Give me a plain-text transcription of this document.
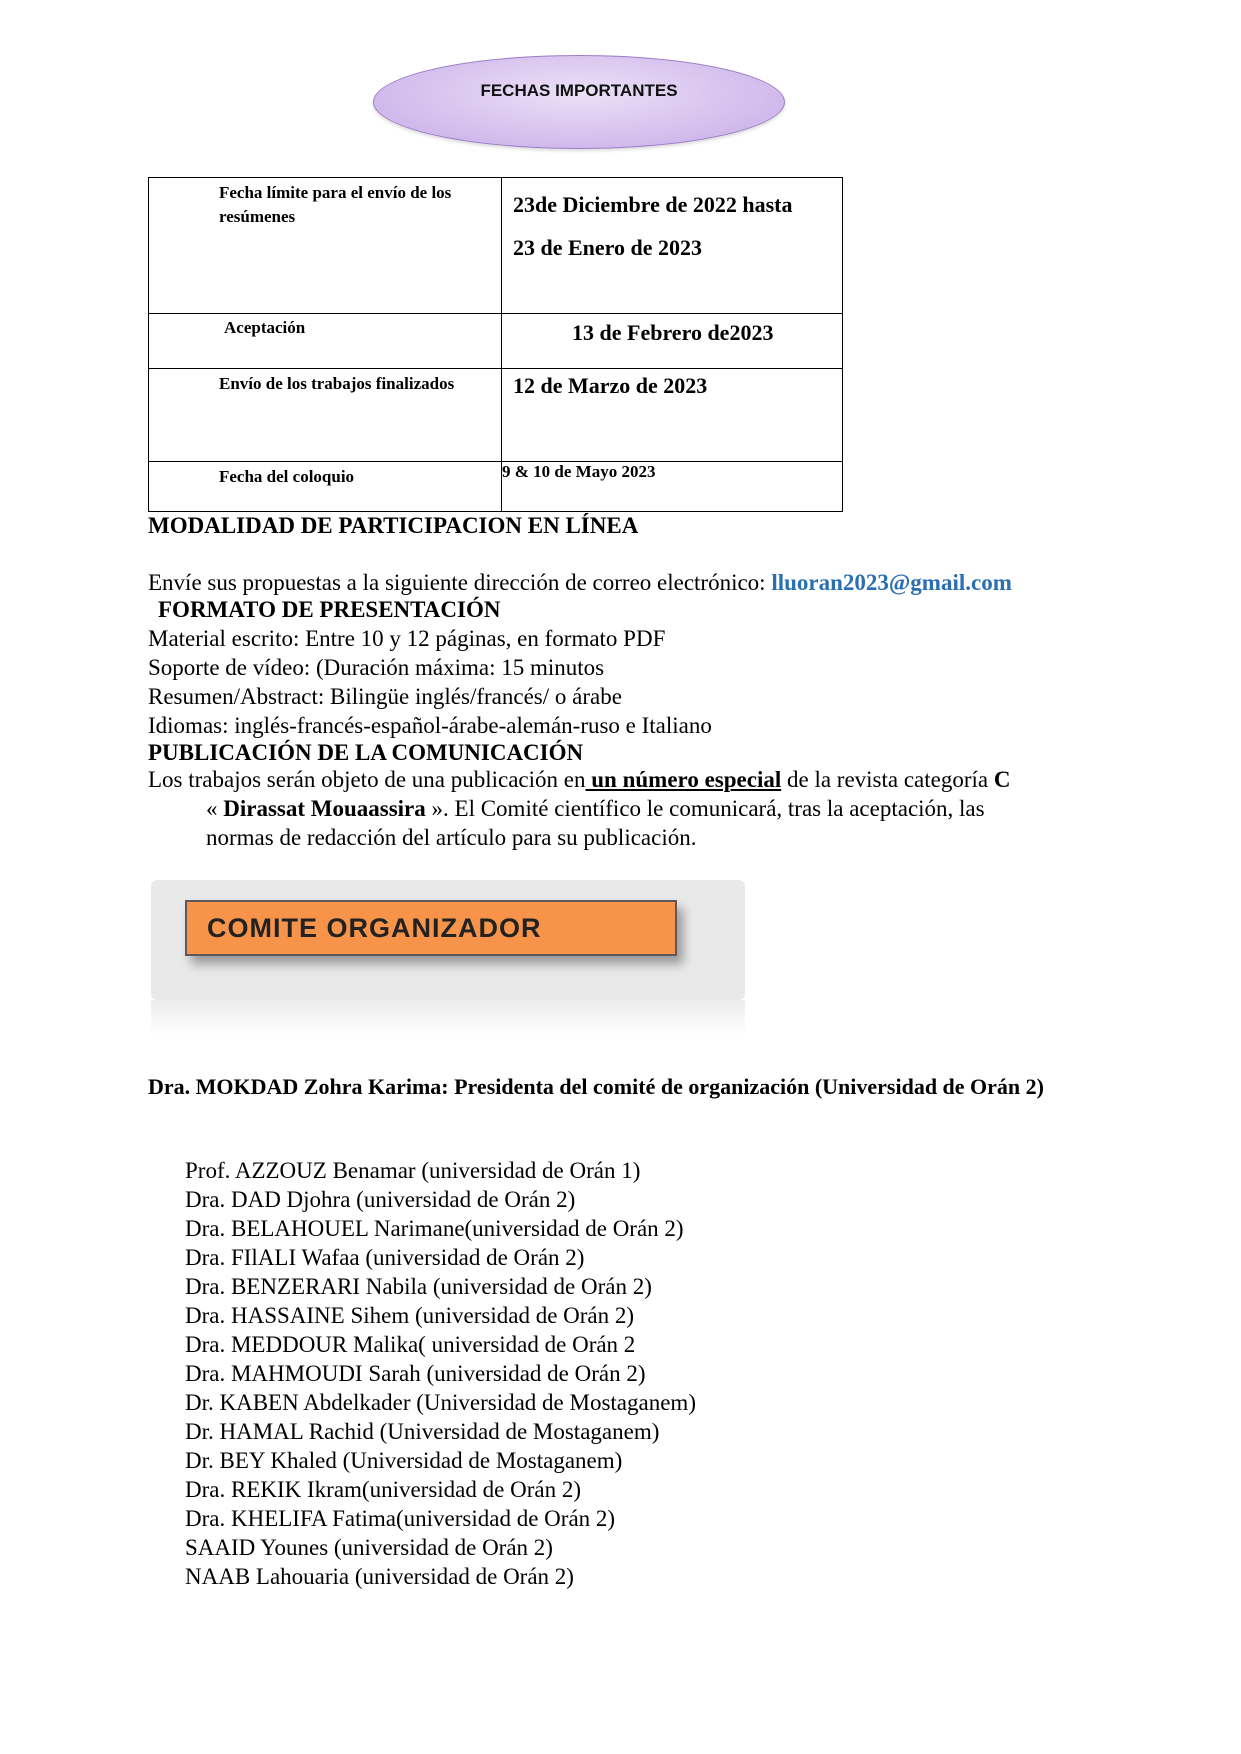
FECHAS IMPORTANTES
Fecha límite para el envío de los resúmenes	23de Diciembre de 2022 hasta
23 de Enero de 2023

Aceptación	13 de Febrero de2023

Envío de los trabajos finalizados	12 de Marzo de 2023

Fecha del coloquio	9 & 10 de Mayo 2023
MODALIDAD DE PARTICIPACION EN LÍNEA
Envíe sus propuestas a la siguiente dirección de correo electrónico: lluoran2023@gmail.com
FORMATO DE PRESENTACIÓN
Material escrito: Entre 10 y 12 páginas, en formato PDF
Soporte de vídeo: (Duración máxima: 15 minutos
Resumen/Abstract: Bilingüe inglés/francés/ o árabe
Idiomas: inglés-francés-español-árabe-alemán-ruso e Italiano
PUBLICACIÓN DE LA COMUNICACIÓN
Los trabajos serán objeto de una publicación en un número especial de la revista categoría C
« Dirassat Mouaassira ». El Comité científico le comunicará, tras la aceptación, las
normas de redacción del artículo para su publicación.
COMITE ORGANIZADOR
Dra. MOKDAD Zohra Karima: Presidenta del comité de organización (Universidad de Orán 2)
Prof. AZZOUZ Benamar (universidad de Orán 1)
Dra. DAD Djohra (universidad de Orán 2)
Dra. BELAHOUEL Narimane(universidad de Orán 2)
Dra. FIlALI Wafaa (universidad de Orán 2)
Dra. BENZERARI Nabila (universidad de Orán 2)
Dra. HASSAINE Sihem (universidad de Orán 2)
Dra. MEDDOUR Malika( universidad de Orán 2
Dra. MAHMOUDI Sarah (universidad de Orán 2)
Dr. KABEN Abdelkader (Universidad de Mostaganem)
Dr. HAMAL Rachid (Universidad de Mostaganem)
Dr. BEY Khaled (Universidad de Mostaganem)
Dra. REKIK Ikram(universidad de Orán 2)
Dra. KHELIFA Fatima(universidad de Orán 2)
SAAID Younes (universidad de Orán 2)
NAAB Lahouaria (universidad de Orán 2)
